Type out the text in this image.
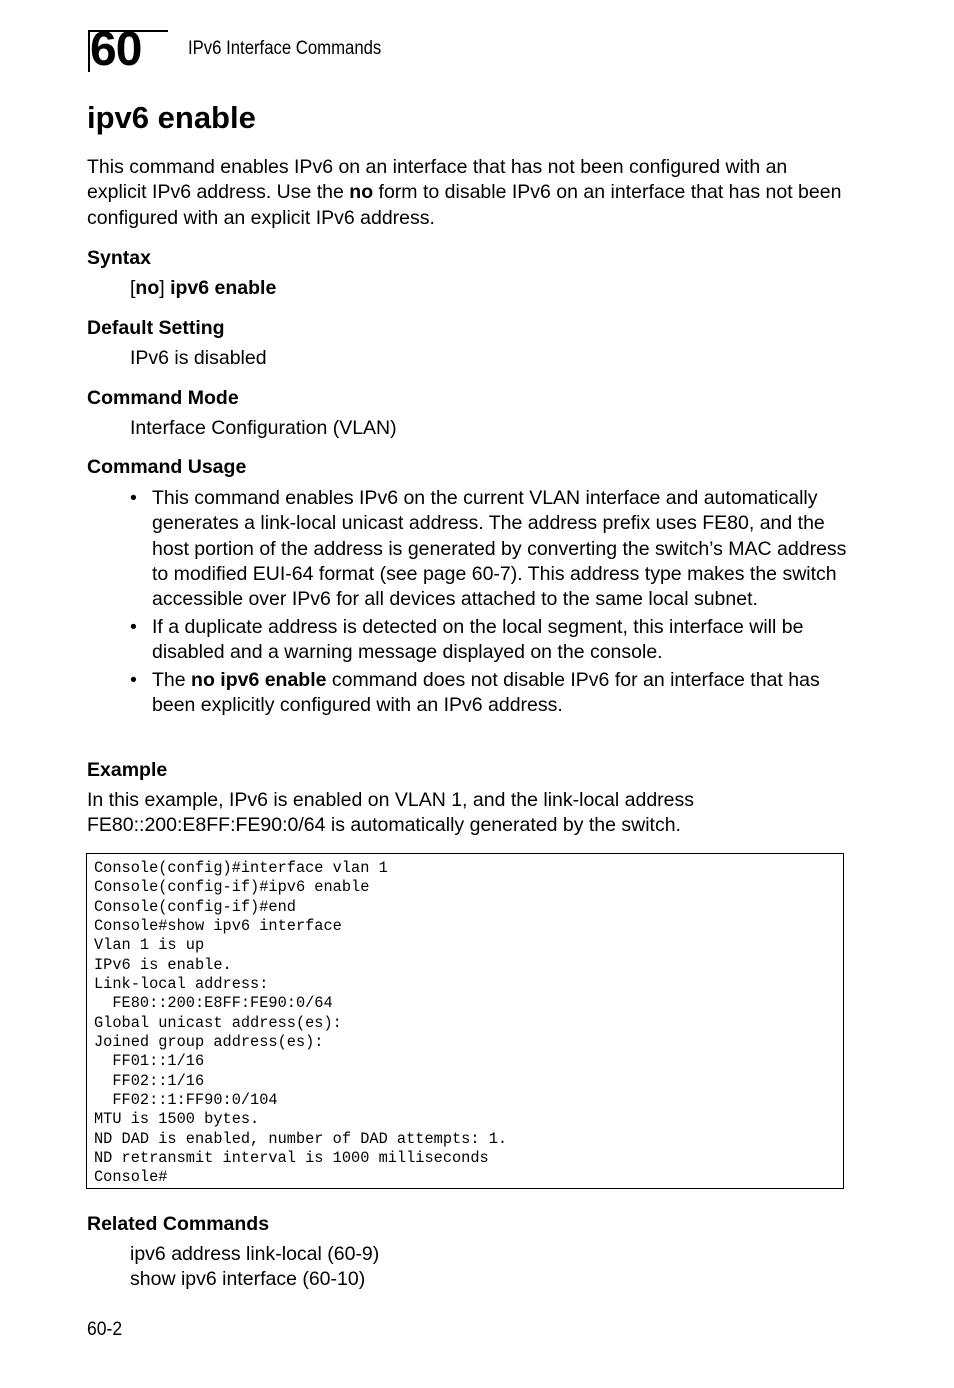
60 IPv6 Interface Commands
ipv6 enable

This command enables IPv6 on an interface that has not been configured with an explicit IPv6 address. Use the no form to disable IPv6 on an interface that has not been configured with an explicit IPv6 address.

Syntax

[no] ipv6 enable

Default Setting

IPv6 is disabled

Command Mode

Interface Configuration (VLAN)

Command Usage
• This command enables IPv6 on the current VLAN interface and automatically generates a link-local unicast address. The address prefix uses FE80, and the host portion of the address is generated by converting the switch’s MAC address to modified EUI-64 format (see page 60-7). This address type makes the switch accessible over IPv6 for all devices attached to the same local subnet.
• If a duplicate address is detected on the local segment, this interface will be disabled and a warning message displayed on the console.
• The no ipv6 enable command does not disable IPv6 for an interface that has been explicitly configured with an IPv6 address.
Example

In this example, IPv6 is enabled on VLAN 1, and the link-local address FE80::200:E8FF:FE90:0/64 is automatically generated by the switch.

Console(config)#interface vlan 1
Console(config-if)#ipv6 enable
Console(config-if)#end
Console#show ipv6 interface
Vlan 1 is up
IPv6 is enable.
Link-local address:
FE80::200:E8FF:FE90:0/64
Global unicast address(es):
Joined group address(es):
FF01::1/16
FF02::1/16
FF02::1:FF90:0/104
MTU is 1500 bytes.
ND DAD is enabled, number of DAD attempts: 1.
ND retransmit interval is 1000 milliseconds
Console#
Related Commands

ipv6 address link-local (60-9)

show ipv6 interface (60-10)

60-2
